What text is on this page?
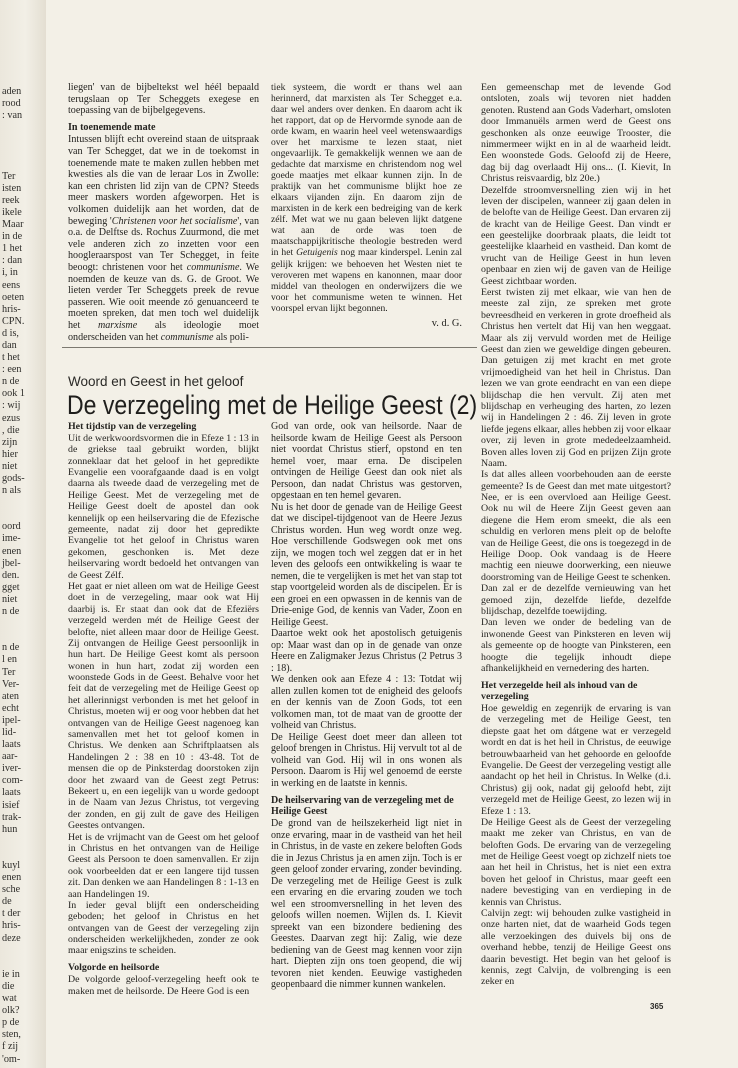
aden
rood
: van
Ter
isten
reek
ikele
Maar
in de
1 het
: dan
i, in
eens
oeten
hris-
CPN.
d is,
dan
t het
: een
n de
ook 1
: wij
ezus
, die
zijn
hier
niet
gods-
n als
oord
ime-
enen
jbel-
den.
gget
niet
n de
n de
l en
Ter
Ver-
aten
echt
ipel-
lid-
laats
aar-
iver-
com-
laats
isief
trak-
hun
kuyl
enen
sche
de
t der
hris-
deze
ie in
die
wat
olk?
p de
sten,
f zij
'om-

liegen' van de bijbeltekst wel héél bepaald terugslaan op Ter Scheggets exegese en toepassing van de bijbelgegevens.

In toenemende mate

Intussen blijft echt overeind staan de uitspraak van Ter Schegget, dat we in de toekomst in toenemende mate te maken zullen hebben met kwesties als die van de leraar Los in Zwolle: kan een christen lid zijn van de CPN? Steeds meer maskers worden afgeworpen. Het is volkomen duidelijk aan het worden, dat de beweging 'Christenen voor het socialisme', van o.a. de Delftse ds. Rochus Zuurmond, die met vele anderen zich zo inzetten voor een hoogleraarspost van Ter Schegget, in feite beoogt: christenen voor het communisme. We noemden de keuze van ds. G. de Groot. We lieten verder Ter Scheggets preek de revue passeren. Wie ooit meende zó genuanceerd te moeten spreken, dat men toch wel duidelijk het marxisme als ideologie moet onderscheiden van het communisme als poli-

tiek systeem, die wordt er thans wel aan herinnerd, dat marxisten als Ter Schegget e.a. daar wel anders over denken. En daarom acht ik het rapport, dat op de Hervormde synode aan de orde kwam, en waarin heel veel wetenswaardigs over het marxisme te lezen staat, niet ongevaarlijk. Te gemakkelijk wennen we aan de gedachte dat marxisme en christendom nog wel goede maatjes met elkaar kunnen zijn. In de praktijk van het communisme blijkt hoe ze elkaars vijanden zijn. En daarom zijn de marxisten in de kerk een bedreiging van de kerk zélf. Met wat we nu gaan beleven lijkt datgene wat aan de orde was toen de maatschappijkritische theologie bestreden werd in het Getuigenis nog maar kinderspel. Lenin zal gelijk krijgen: we behoeven het Westen niet te veroveren met wapens en kanonnen, maar door middel van theologen en onderwijzers die we voor het communisme weten te winnen. Het voorspel ervan lijkt begonnen.

v. d. G.
Woord en Geest in het geloof
De verzegeling met de Heilige Geest (2)
Het tijdstip van de verzegeling

Uit de werkwoordsvormen die in Efeze 1 : 13 in de griekse taal gebruikt worden, blijkt zonneklaar dat het geloof in het gepredikte Evangelie een voorafgaande daad is en volgt daarna als tweede daad de verzegeling met de Heilige Geest. Met de verzegeling met de Heilige Geest doelt de apostel dan ook kennelijk op een heilservaring die de Efezische gemeente, nadat zij door het gepredikte Evangelie tot het geloof in Christus waren gekomen, geschonken is. Met deze heilservaring wordt bedoeld het ontvangen van de Geest Zélf.

Het gaat er niet alleen om wat de Heilige Geest doet in de verzegeling, maar ook wat Hij daarbij is. Er staat dan ook dat de Efeziërs verzegeld werden mét de Heilige Geest der belofte, niet alleen maar door de Heilige Geest. Zij ontvangen de Heilige Geest persoonlijk in hun hart. De Heilige Geest komt als persoon wonen in hun hart, zodat zij worden een woonstede Gods in de Geest. Behalve voor het feit dat de verzegeling met de Heilige Geest op het allerinnigst verbonden is met het geloof in Christus, moeten wij er oog voor hebben dat het ontvangen van de Heilige Geest nagenoeg kan samenvallen met het tot geloof komen in Christus. We denken aan Schriftplaatsen als Handelingen 2 : 38 en 10 : 43-48. Tot de mensen die op de Pinksterdag doorstoken zijn door het zwaard van de Geest zegt Petrus: Bekeert u, en een iegelijk van u worde gedoopt in de Naam van Jezus Christus, tot vergeving der zonden, en gij zult de gave des Heiligen Geestes ontvangen.

Het is de vrijmacht van de Geest om het geloof in Christus en het ontvangen van de Heilige Geest als Persoon te doen samenvallen. Er zijn ook voorbeelden dat er een langere tijd tussen zit. Dan denken we aan Handelingen 8 : 1-13 en aan Handelingen 19.

In ieder geval blijft een onderscheiding geboden; het geloof in Christus en het ontvangen van de Geest der verzegeling zijn onderscheiden werkelijkheden, zonder ze ook maar enigszins te scheiden.

Volgorde en heilsorde

De volgorde geloof-verzegeling heeft ook te maken met de heilsorde. De Heere God is een

God van orde, ook van heilsorde. Naar de heilsorde kwam de Heilige Geest als Persoon niet voordat Christus stierf, opstond en ten hemel voer, maar erna. De discipelen ontvingen de Heilige Geest dan ook niet als Persoon, dan nadat Christus was gestorven, opgestaan en ten hemel gevaren.

Nu is het door de genade van de Heilige Geest dat we discipel-tijdgenoot van de Heere Jezus Christus worden. Hun weg wordt onze weg. Hoe verschillende Godswegen ook met ons zijn, we mogen toch wel zeggen dat er in het leven des geloofs een ontwikkeling is waar te nemen, die te vergelijken is met het van stap tot stap voortgeleid worden als de discipelen. Er is een groei en een opwassen in de kennis van de Drie-enige God, de kennis van Vader, Zoon en Heilige Geest.

Daartoe wekt ook het apostolisch getuigenis op: Maar wast dan op in de genade van onze Heere en Zaligmaker Jezus Christus (2 Petrus 3 : 18).

We denken ook aan Efeze 4 : 13: Totdat wij allen zullen komen tot de enigheid des geloofs en der kennis van de Zoon Gods, tot een volkomen man, tot de maat van de grootte der volheid van Christus.

De Heilige Geest doet meer dan alleen tot geloof brengen in Christus. Hij vervult tot al de volheid van God. Hij wil in ons wonen als Persoon. Daarom is Hij wel genoemd de eerste in werking en de laatste in kennis.

De heilservaring van de verzegeling met de Heilige Geest

De grond van de heilszekerheid ligt niet in onze ervaring, maar in de vastheid van het heil in Christus, in de vaste en zekere beloften Gods die in Jezus Christus ja en amen zijn. Toch is er geen geloof zonder ervaring, zonder bevinding. De verzegeling met de Heilige Geest is zulk een ervaring en die ervaring zouden we toch wel een stroomversnelling in het leven des geloofs willen noemen. Wijlen ds. I. Kievit spreekt van een bizondere bediening des Geestes. Daarvan zegt hij: Zalig, wie deze bediening van de Geest mag kennen voor zijn hart. Diepten zijn ons toen geopend, die wij tevoren niet kenden. Eeuwige vastigheden geopenbaard die nimmer kunnen wankelen.

Een gemeenschap met de levende God ontsloten, zoals wij tevoren niet hadden genoten. Rustend aan Gods Vaderhart, omsloten door Immanuëls armen werd de Geest ons geschonken als onze eeuwige Trooster, die nimmermeer wijkt en in al de waarheid leidt. Een woonstede Gods. Geloofd zij de Heere, dag bij dag overlaadt Hij ons... (I. Kievit, In Christus reisvaardig, blz 20e.)

Dezelfde stroomversnelling zien wij in het leven der discipelen, wanneer zij gaan delen in de belofte van de Heilige Geest. Dan ervaren zij de kracht van de Heilige Geest. Dan vindt er een geestelijke doorbraak plaats, die leidt tot geestelijke klaarheid en vastheid. Dan komt de vrucht van de Heilige Geest in hun leven openbaar en zien wij de gaven van de Heilige Geest zichtbaar worden.

Eerst twisten zij met elkaar, wie van hen de meeste zal zijn, ze spreken met grote bevreesdheid en verkeren in grote droefheid als Christus hen vertelt dat Hij van hen weggaat. Maar als zij vervuld worden met de Heilige Geest dan zien we geweldige dingen gebeuren. Dan getuigen zij met kracht en met grote vrijmoedigheid van het heil in Christus. Dan lezen we van grote eendracht en van een diepe blijdschap die hen vervult. Zij aten met blijdschap en verheuging des harten, zo lezen wij in Handelingen 2 : 46. Zij leven in grote liefde jegens elkaar, alles hebben zij voor elkaar over, zij leven in grote mededeelzaamheid. Boven alles loven zij God en prijzen Zijn grote Naam.

Is dat alles alleen voorbehouden aan de eerste gemeente? Is de Geest dan met mate uitgestort? Nee, er is een overvloed aan Heilige Geest. Ook nu wil de Heere Zijn Geest geven aan diegene die Hem erom smeekt, die als een schuldig en verloren mens pleit op de belofte van de Heilige Geest, die ons is toegezegd in de Heilige Doop. Ook vandaag is de Heere machtig een nieuwe doorwerking, een nieuwe doorstroming van de Heilige Geest te schenken.

Dan zal er de dezelfde vernieuwing van het gemoed zijn, dezelfde liefde, dezelfde blijdschap, dezelfde toewijding.

Dan leven we onder de bedeling van de inwonende Geest van Pinksteren en leven wij als gemeente op de hoogte van Pinksteren, een hoogte die tegelijk inhoudt diepe afhankelijkheid en vernedering des harten.

Het verzegelde heil als inhoud van de verzegeling

Hoe geweldig en zegenrijk de ervaring is van de verzegeling met de Heilige Geest, ten diepste gaat het om dátgene wat er verzegeld wordt en dat is het heil in Christus, de eeuwige betrouwbaarheid van het gehoorde en geloofde Evangelie. De Geest der verzegeling vestigt alle aandacht op het heil in Christus. In Welke (d.i. Christus) gij ook, nadat gij geloofd hebt, zijt verzegeld met de Heilige Geest, zo lezen wij in Efeze 1 : 13.

De Heilige Geest als de Geest der verzegeling maakt me zeker van Christus, en van de beloften Gods. De ervaring van de verzegeling met de Heilige Geest voegt op zichzelf niets toe aan het heil in Christus, het is niet een extra boven het geloof in Christus, maar geeft een nadere bevestiging van en verdieping in de kennis van Christus.

Calvijn zegt: wij behouden zulke vastigheid in onze harten niet, dat de waarheid Gods tegen alle verzoekingen des duivels bij ons de overhand hebbe, tenzij de Heilige Geest ons daarin bevestigt. Het begin van het geloof is kennis, zegt Calvijn, de volbrenging is een zeker en

365
